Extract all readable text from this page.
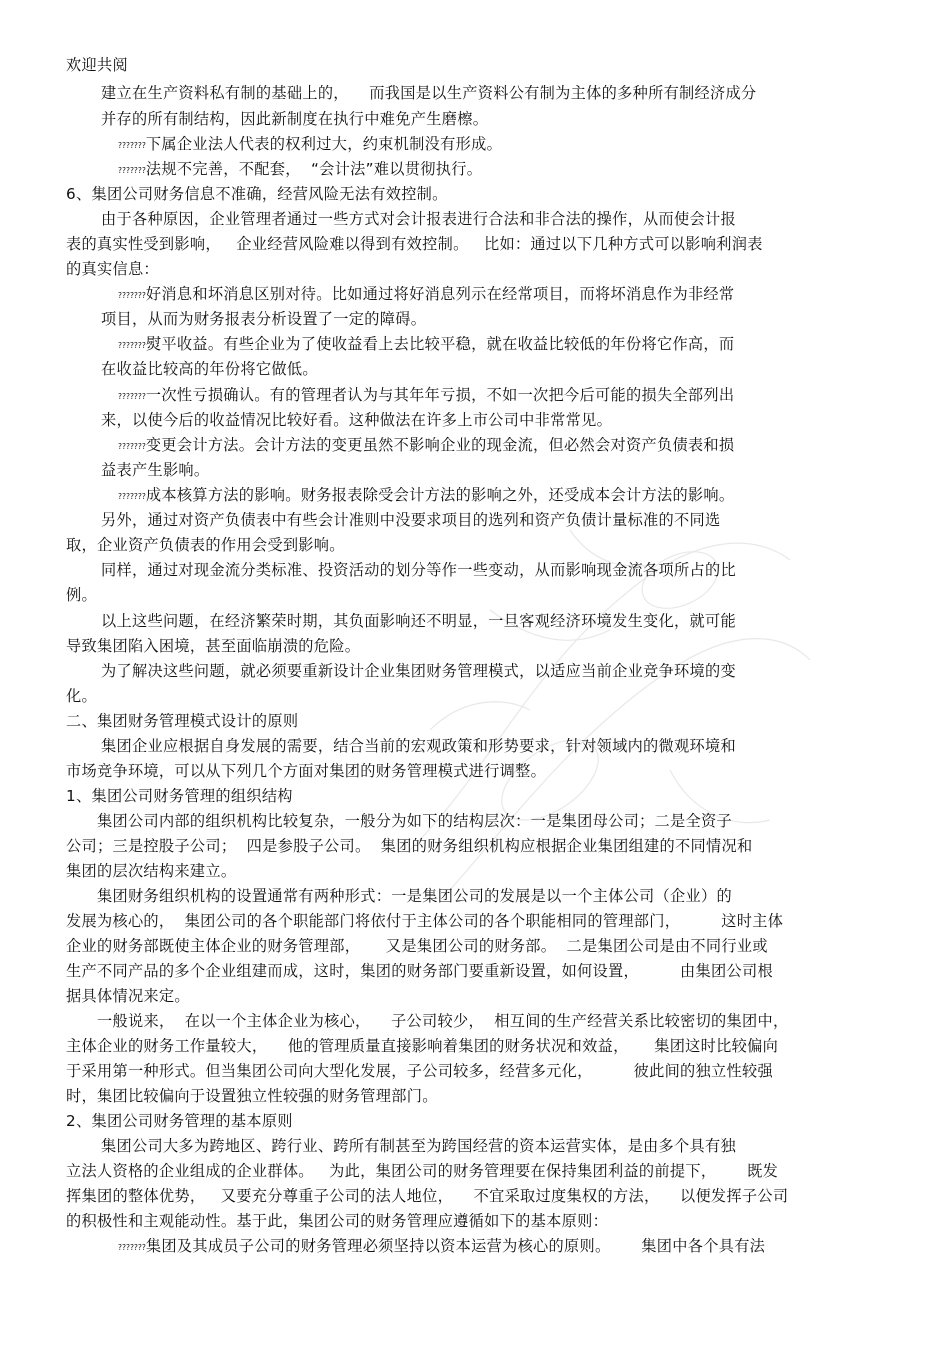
欢迎共阅
建立在生产资料私有制的基础上的，    而我国是以生产资料公有制为主体的多种所有制经济成分
并存的所有制结构，因此新制度在执行中难免产生磨檫。
???????下属企业法人代表的权利过大，约束机制没有形成。
???????法规不完善，不配套，  “会计法”难以贯彻执行。
6、集团公司财务信息不准确，经营风险无法有效控制。
由于各种原因，企业管理者通过一些方式对会计报表进行合法和非合法的操作，从而使会计报
表的真实性受到影响，   企业经营风险难以得到有效控制。   比如：通过以下几种方式可以影响利润表
的真实信息：
???????好消息和坏消息区别对待。比如通过将好消息列示在经常项目，而将坏消息作为非经常
项目，从而为财务报表分析设置了一定的障碍。
???????熨平收益。有些企业为了使收益看上去比较平稳，就在收益比较低的年份将它作高，而
在收益比较高的年份将它做低。
???????一次性亏损确认。有的管理者认为与其年年亏损，不如一次把今后可能的损失全部列出
来，以使今后的收益情况比较好看。这种做法在许多上市公司中非常常见。
???????变更会计方法。会计方法的变更虽然不影响企业的现金流，但必然会对资产负债表和损
益表产生影响。
???????成本核算方法的影响。财务报表除受会计方法的影响之外，还受成本会计方法的影响。
另外，通过对资产负债表中有些会计准则中没要求项目的选列和资产负债计量标准的不同选
取，企业资产负债表的作用会受到影响。
同样，通过对现金流分类标准、投资活动的划分等作一些变动，从而影响现金流各项所占的比
例。
以上这些问题，在经济繁荣时期，其负面影响还不明显，一旦客观经济环境发生变化，就可能
导致集团陷入困境，甚至面临崩溃的危险。
为了解决这些问题，就必须要重新设计企业集团财务管理模式，以适应当前企业竞争环境的变
化。
二、集团财务管理模式设计的原则
集团企业应根据自身发展的需要，结合当前的宏观政策和形势要求，针对领域内的微观环境和
市场竞争环境，可以从下列几个方面对集团的财务管理模式进行调整。
1、集团公司财务管理的组织结构
集团公司内部的组织机构比较复杂，一般分为如下的结构层次：一是集团母公司；二是全资子
公司；三是控股子公司；  四是参股子公司。  集团的财务组织机构应根据企业集团组建的不同情况和
集团的层次结构来建立。
集团财务组织机构的设置通常有两种形式：一是集团公司的发展是以一个主体公司（企业）的
发展为核心的，  集团公司的各个职能部门将依付于主体公司的各个职能相同的管理部门，        这时主体
企业的财务部既使主体企业的财务管理部，     又是集团公司的财务部。  二是集团公司是由不同行业或
生产不同产品的多个企业组建而成，这时，集团的财务部门要重新设置，如何设置，        由集团公司根
据具体情况来定。
一般说来，  在以一个主体企业为核心，    子公司较少，  相互间的生产经营关系比较密切的集团中，
主体企业的财务工作量较大，    他的管理质量直接影响着集团的财务状况和效益，     集团这时比较偏向
于采用第一种形式。但当集团公司向大型化发展，子公司较多，经营多元化，        彼此间的独立性较强
时，集团比较偏向于设置独立性较强的财务管理部门。
2、集团公司财务管理的基本原则
集团公司大多为跨地区、跨行业、跨所有制甚至为跨国经营的资本运营实体，是由多个具有独
立法人资格的企业组成的企业群体。   为此，集团公司的财务管理要在保持集团利益的前提下，      既发
挥集团的整体优势，   又要充分尊重子公司的法人地位，    不宜采取过度集权的方法，    以便发挥子公司
的积极性和主观能动性。基于此，集团公司的财务管理应遵循如下的基本原则：
???????集团及其成员子公司的财务管理必须坚持以资本运营为核心的原则。      集团中各个具有法
